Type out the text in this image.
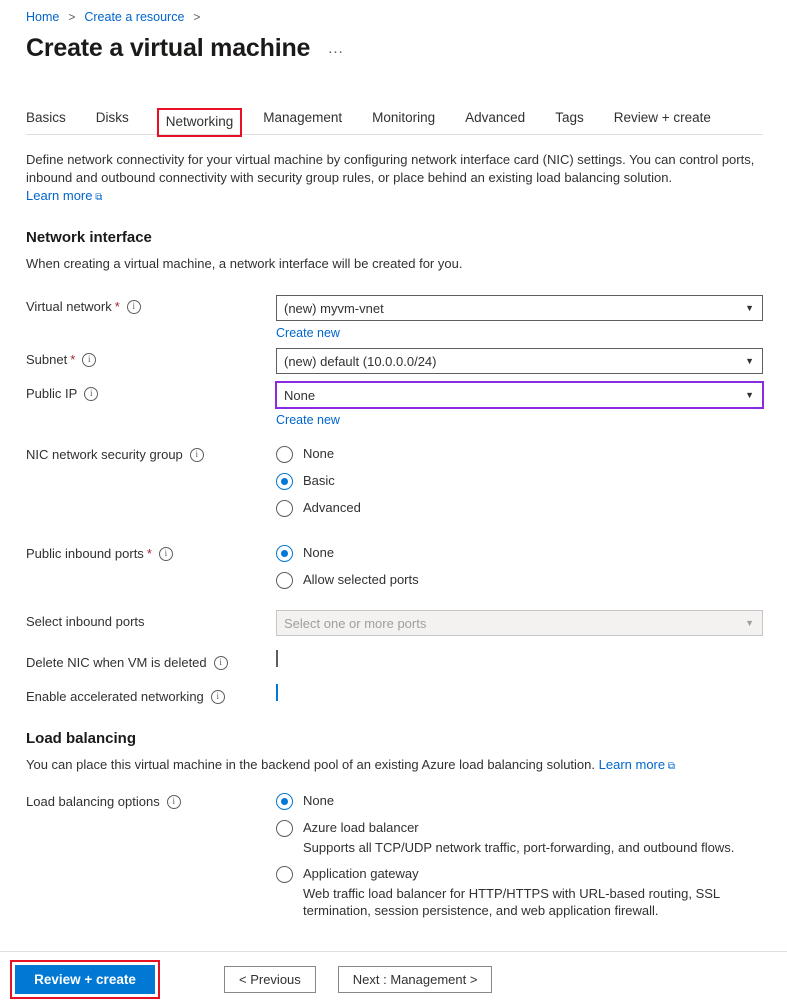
Home > Create a resource >
Create a virtual machine ...
Basics Disks	Networking	Management Monitoring Advanced Tags Review + create
Define network connectivity for your virtual machine by configuring network interface card (NIC) settings. You can control ports, inbound and outbound connectivity with security group rules, or place behind an existing load balancing solution.
Learn more ⧉
Network interface
When creating a virtual machine, a network interface will be created for you.
Virtual network *	i	(new) myvm-vnet	▼
Create new
Subnet *	i	(new) default (10.0.0.0/24)	▼
Public IP	i	None	▼
Create new
NIC network security group	i	None
Basic
Advanced
Public inbound ports *	i	None
Allow selected ports
Select inbound ports	Select one or more ports	▼
Delete NIC when VM is deleted	i
Enable accelerated networking	i
Load balancing
You can place this virtual machine in the backend pool of an existing Azure load balancing solution. Learn more ⧉
Load balancing options	i	None
Azure load balancer
Supports all TCP/UDP network traffic, port-forwarding, and outbound flows.
Application gateway
Web traffic load balancer for HTTP/HTTPS with URL-based routing, SSL termination, session persistence, and web application firewall.
Review + create	< Previous	Next : Management >
